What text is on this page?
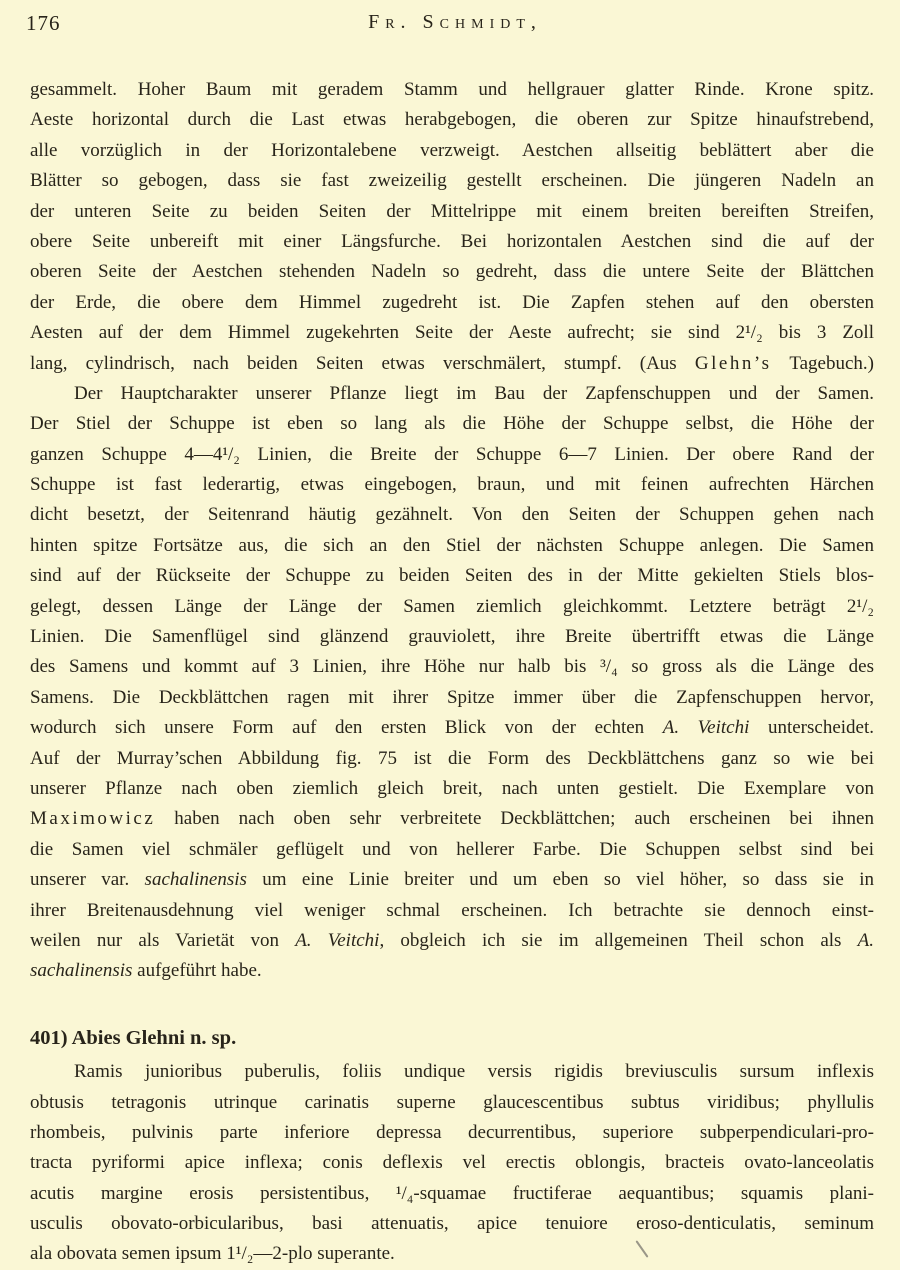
176	Fr. Schmidt,
gesammelt. Hoher Baum mit geradem Stamm und hellgrauer glatter Rinde. Krone spitz.
Aeste horizontal durch die Last etwas herabgebogen, die oberen zur Spitze hinaufstrebend,
alle vorzüglich in der Horizontalebene verzweigt. Aestchen allseitig beblättert aber die
Blätter so gebogen, dass sie fast zweizeilig gestellt erscheinen. Die jüngeren Nadeln an
der unteren Seite zu beiden Seiten der Mittelrippe mit einem breiten bereiften Streifen,
obere Seite unbereift mit einer Längsfurche. Bei horizontalen Aestchen sind die auf der
oberen Seite der Aestchen stehenden Nadeln so gedreht, dass die untere Seite der Blättchen
der Erde, die obere dem Himmel zugedreht ist. Die Zapfen stehen auf den obersten
Aesten auf der dem Himmel zugekehrten Seite der Aeste aufrecht; sie sind 2¹/₂ bis 3 Zoll
lang, cylindrisch, nach beiden Seiten etwas verschmälert, stumpf. (Aus Glehn’s Tagebuch.)
Der Hauptcharakter unserer Pflanze liegt im Bau der Zapfenschuppen und der Samen.
Der Stiel der Schuppe ist eben so lang als die Höhe der Schuppe selbst, die Höhe der
ganzen Schuppe 4—4¹/₂ Linien, die Breite der Schuppe 6—7 Linien. Der obere Rand der
Schuppe ist fast lederartig, etwas eingebogen, braun, und mit feinen aufrechten Härchen
dicht besetzt, der Seitenrand häutig gezähnelt. Von den Seiten der Schuppen gehen nach
hinten spitze Fortsätze aus, die sich an den Stiel der nächsten Schuppe anlegen. Die Samen
sind auf der Rückseite der Schuppe zu beiden Seiten des in der Mitte gekielten Stiels blos-
gelegt, dessen Länge der Länge der Samen ziemlich gleichkommt. Letztere beträgt 2¹/₂
Linien. Die Samenflügel sind glänzend grauviolett, ihre Breite übertrifft etwas die Länge
des Samens und kommt auf 3 Linien, ihre Höhe nur halb bis ³/₄ so gross als die Länge des
Samens. Die Deckblättchen ragen mit ihrer Spitze immer über die Zapfenschuppen hervor,
wodurch sich unsere Form auf den ersten Blick von der echten A. Veitchi unterscheidet.
Auf der Murray’schen Abbildung fig. 75 ist die Form des Deckblättchens ganz so wie bei
unserer Pflanze nach oben ziemlich gleich breit, nach unten gestielt. Die Exemplare von
Maximowicz haben nach oben sehr verbreitete Deckblättchen; auch erscheinen bei ihnen
die Samen viel schmäler geflügelt und von hellerer Farbe. Die Schuppen selbst sind bei
unserer var. sachalinensis um eine Linie breiter und um eben so viel höher, so dass sie in
ihrer Breitenausdehnung viel weniger schmal erscheinen. Ich betrachte sie dennoch einst-
weilen nur als Varietät von A. Veitchi, obgleich ich sie im allgemeinen Theil schon als A.
sachalinensis aufgeführt habe.
401) Abies Glehni n. sp.
Ramis junioribus puberulis, foliis undique versis rigidis breviusculis sursum inflexis
obtusis tetragonis utrinque carinatis superne glaucescentibus subtus viridibus; phyllulis
rhombeis, pulvinis parte inferiore depressa decurrentibus, superiore subperpendiculari-pro-
tracta pyriformi apice inflexa; conis deflexis vel erectis oblongis, bracteis ovato-lanceolatis
acutis margine erosis persistentibus, ¹/₄-squamae fructiferae aequantibus; squamis plani-
usculis obovato-orbicularibus, basi attenuatis, apice tenuiore eroso-denticulatis, seminum
ala obovata semen ipsum 1¹/₂—2-plo superante.
